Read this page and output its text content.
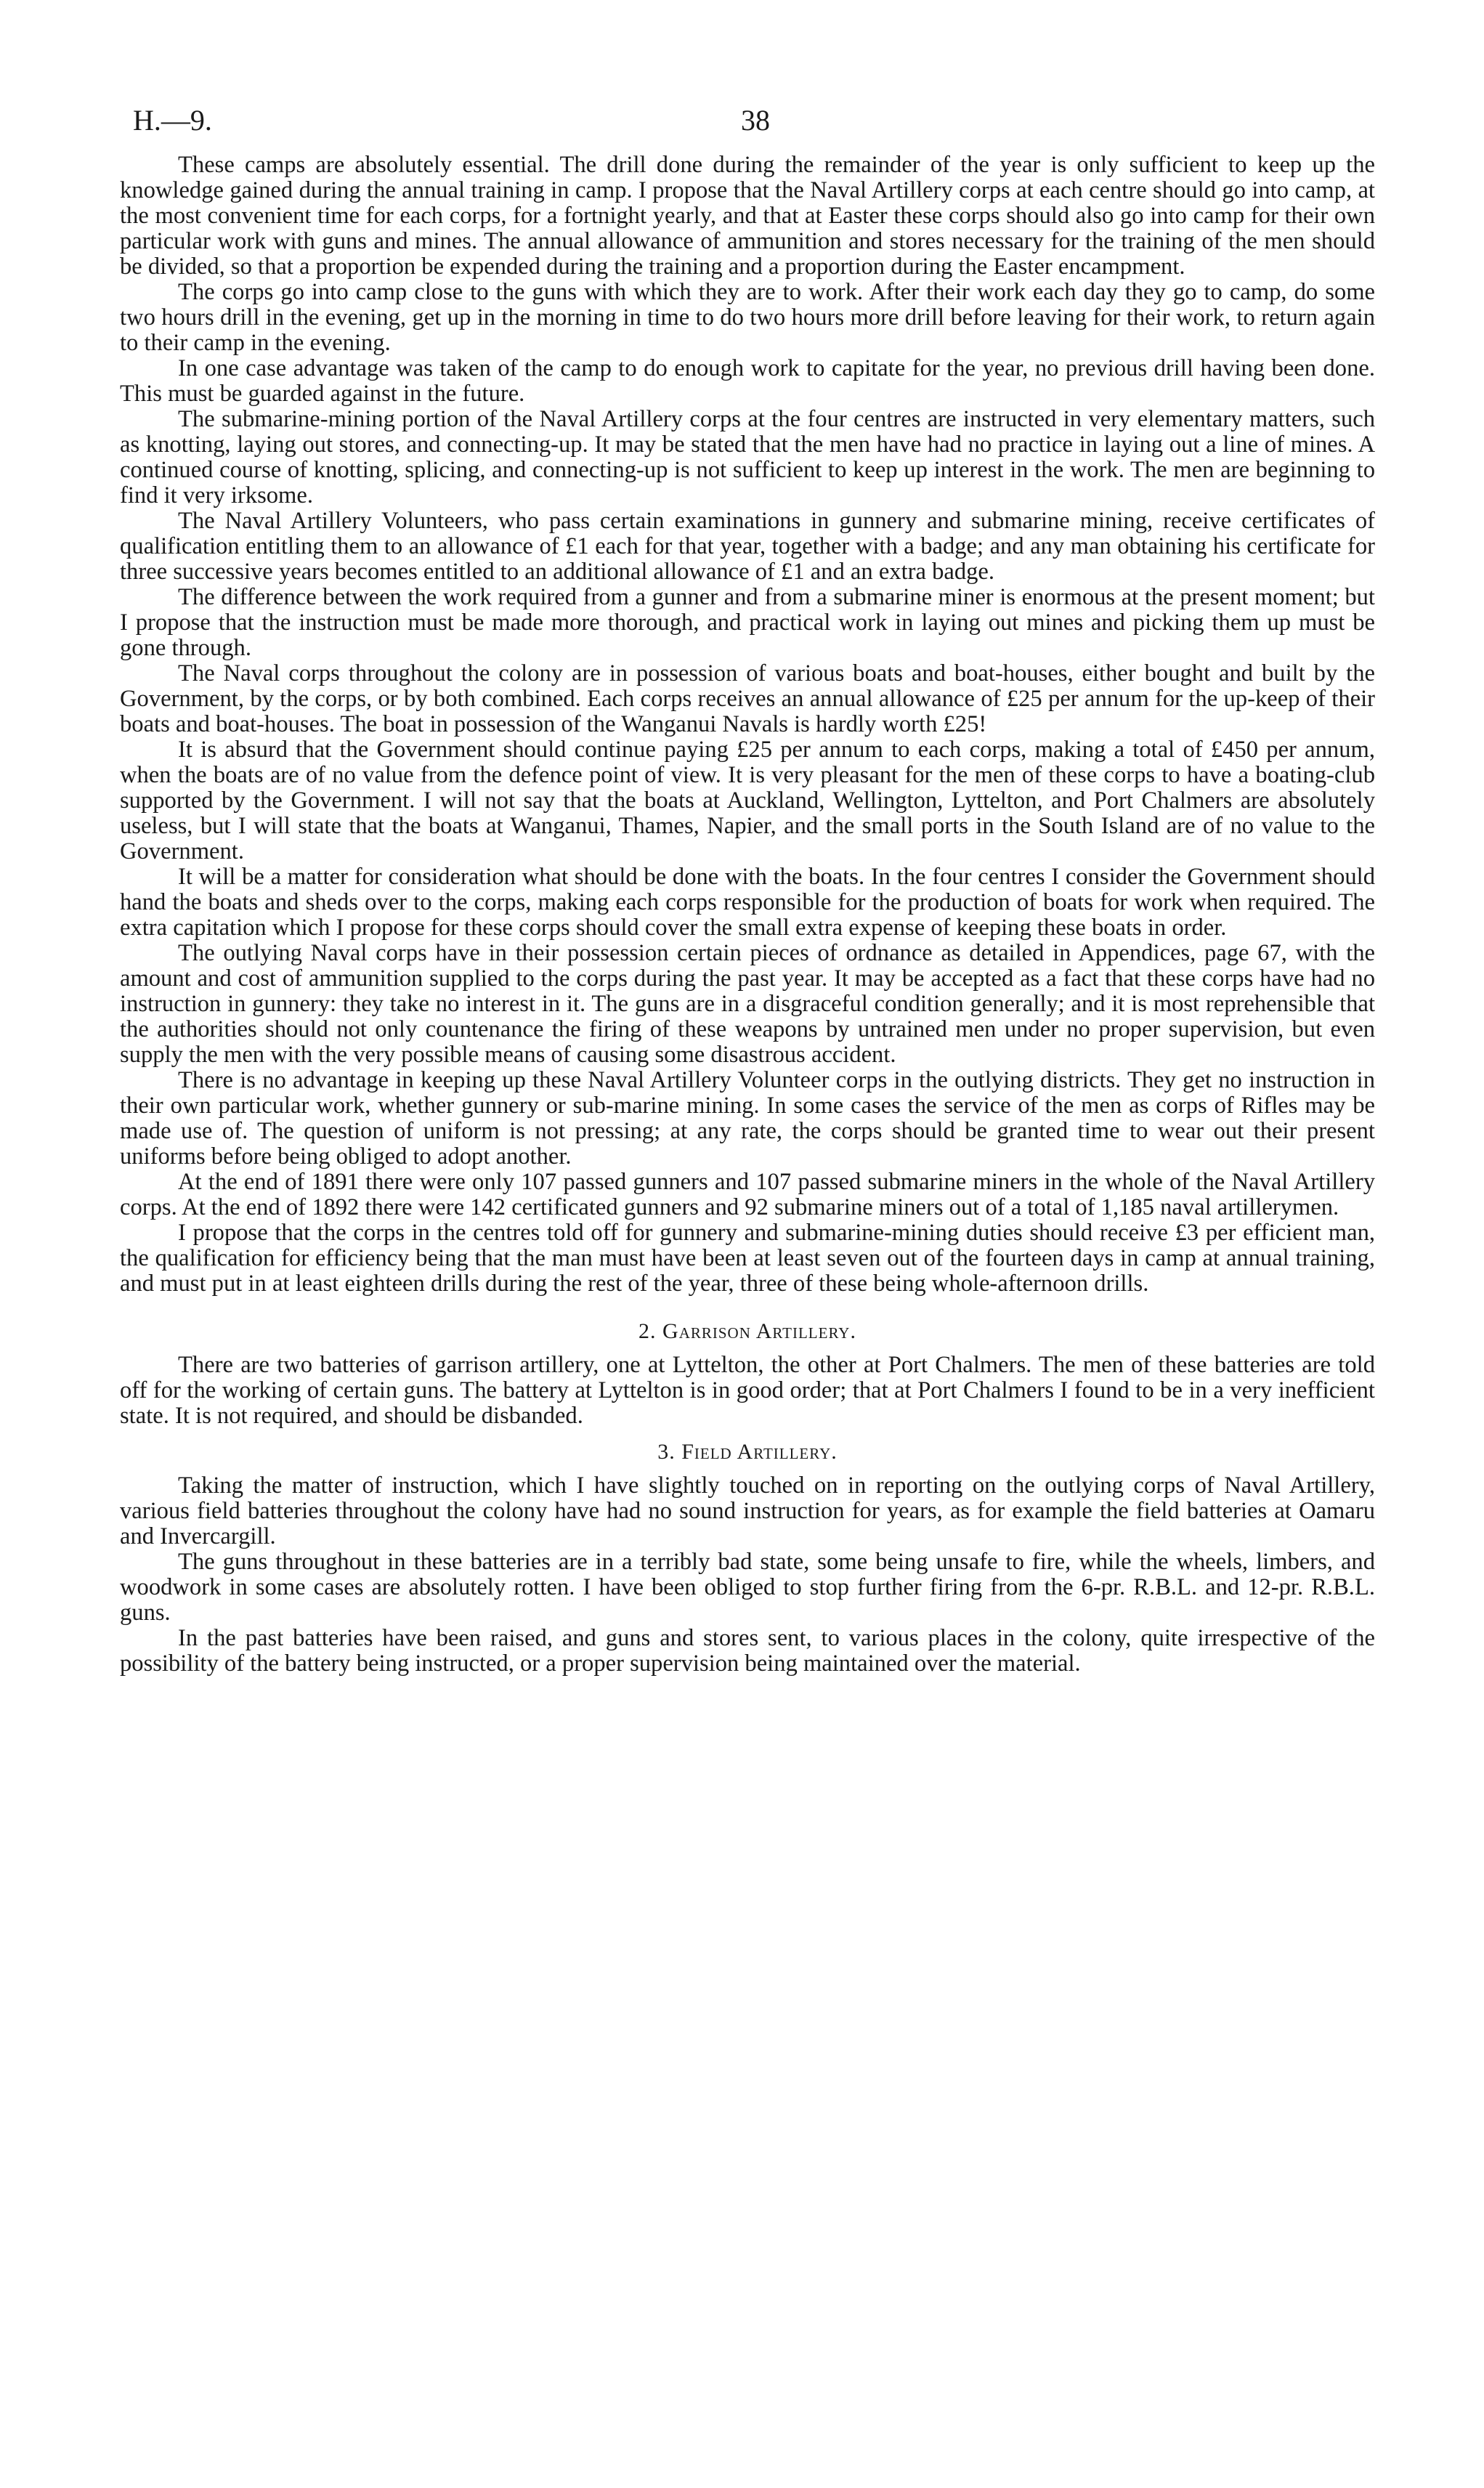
H.—9.	38

These camps are absolutely essential. The drill done during the remainder of the year is only sufficient to keep up the knowledge gained during the annual training in camp. I propose that the Naval Artillery corps at each centre should go into camp, at the most convenient time for each corps, for a fortnight yearly, and that at Easter these corps should also go into camp for their own particular work with guns and mines. The annual allowance of ammunition and stores necessary for the training of the men should be divided, so that a proportion be expended during the training and a proportion during the Easter encampment.

The corps go into camp close to the guns with which they are to work. After their work each day they go to camp, do some two hours drill in the evening, get up in the morning in time to do two hours more drill before leaving for their work, to return again to their camp in the evening.

In one case advantage was taken of the camp to do enough work to capitate for the year, no previous drill having been done. This must be guarded against in the future.

The submarine-mining portion of the Naval Artillery corps at the four centres are instructed in very elementary matters, such as knotting, laying out stores, and connecting-up. It may be stated that the men have had no practice in laying out a line of mines. A continued course of knotting, splicing, and connecting-up is not sufficient to keep up interest in the work. The men are beginning to find it very irksome.

The Naval Artillery Volunteers, who pass certain examinations in gunnery and submarine mining, receive certificates of qualification entitling them to an allowance of £1 each for that year, together with a badge; and any man obtaining his certificate for three successive years becomes entitled to an additional allowance of £1 and an extra badge.

The difference between the work required from a gunner and from a submarine miner is enormous at the present moment; but I propose that the instruction must be made more thorough, and practical work in laying out mines and picking them up must be gone through.

The Naval corps throughout the colony are in possession of various boats and boat-houses, either bought and built by the Government, by the corps, or by both combined. Each corps receives an annual allowance of £25 per annum for the up-keep of their boats and boat-houses. The boat in possession of the Wanganui Navals is hardly worth £25!

It is absurd that the Government should continue paying £25 per annum to each corps, making a total of £450 per annum, when the boats are of no value from the defence point of view. It is very pleasant for the men of these corps to have a boating-club supported by the Government. I will not say that the boats at Auckland, Wellington, Lyttelton, and Port Chalmers are absolutely useless, but I will state that the boats at Wanganui, Thames, Napier, and the small ports in the South Island are of no value to the Government.

It will be a matter for consideration what should be done with the boats. In the four centres I consider the Government should hand the boats and sheds over to the corps, making each corps responsible for the production of boats for work when required. The extra capitation which I propose for these corps should cover the small extra expense of keeping these boats in order.

The outlying Naval corps have in their possession certain pieces of ordnance as detailed in Appendices, page 67, with the amount and cost of ammunition supplied to the corps during the past year. It may be accepted as a fact that these corps have had no instruction in gunnery: they take no interest in it. The guns are in a disgraceful condition generally; and it is most reprehensible that the authorities should not only countenance the firing of these weapons by untrained men under no proper supervision, but even supply the men with the very possible means of causing some disastrous accident.

There is no advantage in keeping up these Naval Artillery Volunteer corps in the outlying districts. They get no instruction in their own particular work, whether gunnery or sub-marine mining. In some cases the service of the men as corps of Rifles may be made use of. The question of uniform is not pressing; at any rate, the corps should be granted time to wear out their present uniforms before being obliged to adopt another.

At the end of 1891 there were only 107 passed gunners and 107 passed submarine miners in the whole of the Naval Artillery corps. At the end of 1892 there were 142 certificated gunners and 92 submarine miners out of a total of 1,185 naval artillerymen.

I propose that the corps in the centres told off for gunnery and submarine-mining duties should receive £3 per efficient man, the qualification for efficiency being that the man must have been at least seven out of the fourteen days in camp at annual training, and must put in at least eighteen drills during the rest of the year, three of these being whole-afternoon drills.

2. Garrison Artillery.

There are two batteries of garrison artillery, one at Lyttelton, the other at Port Chalmers. The men of these batteries are told off for the working of certain guns. The battery at Lyttelton is in good order; that at Port Chalmers I found to be in a very inefficient state. It is not required, and should be disbanded.

3. Field Artillery.

Taking the matter of instruction, which I have slightly touched on in reporting on the outlying corps of Naval Artillery, various field batteries throughout the colony have had no sound instruction for years, as for example the field batteries at Oamaru and Invercargill.

The guns throughout in these batteries are in a terribly bad state, some being unsafe to fire, while the wheels, limbers, and woodwork in some cases are absolutely rotten. I have been obliged to stop further firing from the 6-pr. R.B.L. and 12-pr. R.B.L. guns.

In the past batteries have been raised, and guns and stores sent, to various places in the colony, quite irrespective of the possibility of the battery being instructed, or a proper supervision being maintained over the material.
